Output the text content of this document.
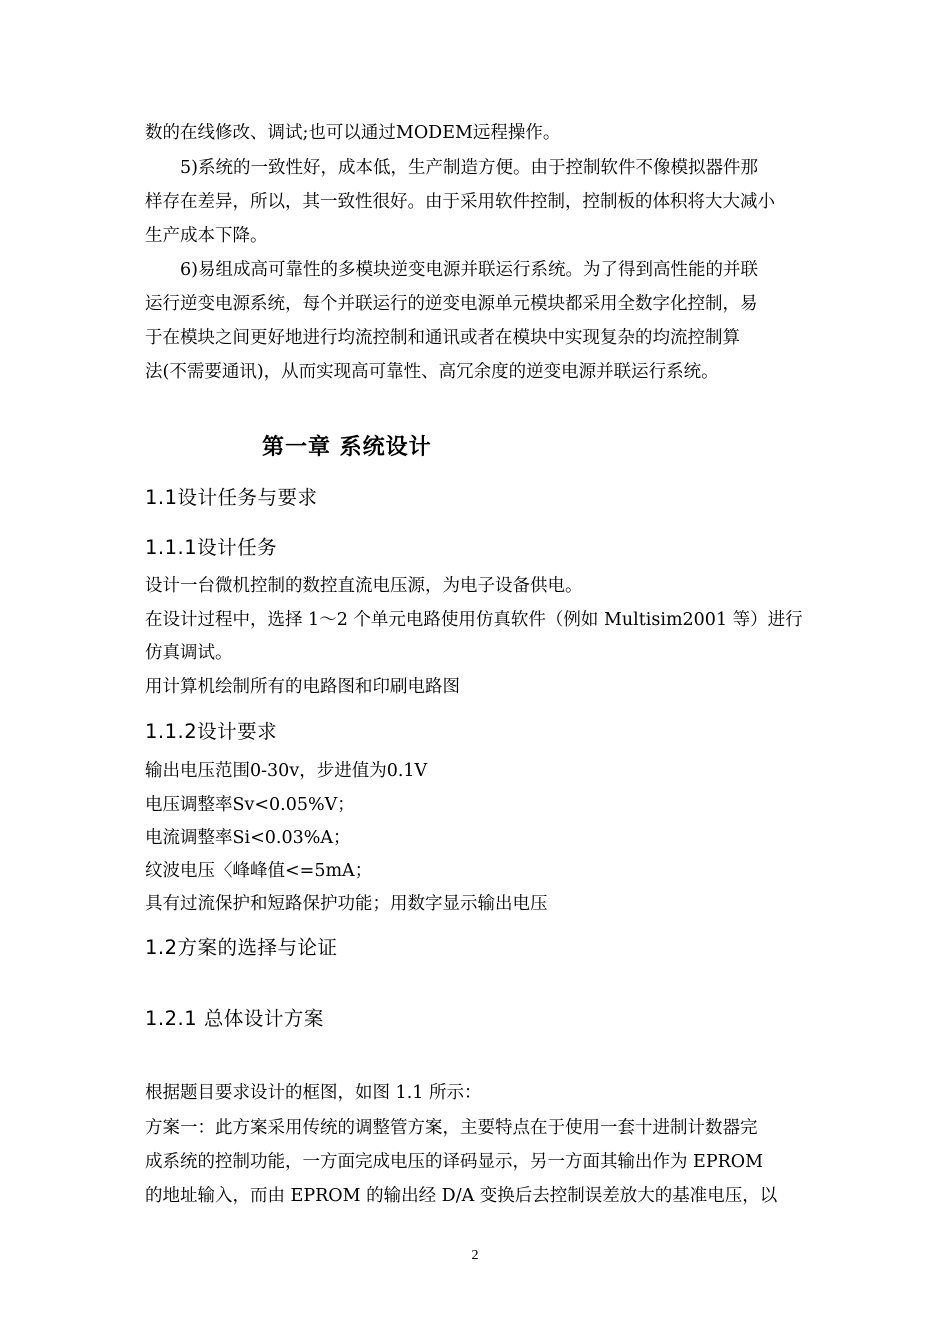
数的在线修改、调试;也可以通过MODEM远程操作。
5)系统的一致性好，成本低，生产制造方便。由于控制软件不像模拟器件那
样存在差异，所以，其一致性很好。由于采用软件控制，控制板的体积将大大减小
生产成本下降。
6)易组成高可靠性的多模块逆变电源并联运行系统。为了得到高性能的并联
运行逆变电源系统，每个并联运行的逆变电源单元模块都采用全数字化控制，易
于在模块之间更好地进行均流控制和通讯或者在模块中实现复杂的均流控制算
法(不需要通讯)，从而实现高可靠性、高冗余度的逆变电源并联运行系统。
第一章 系统设计
1.1设计任务与要求
1.1.1设计任务
设计一台微机控制的数控直流电压源，为电子设备供电。
在设计过程中，选择 1～2 个单元电路使用仿真软件（例如 Multisim2001 等）进行
仿真调试。
用计算机绘制所有的电路图和印刷电路图
1.1.2设计要求
输出电压范围0-30v，步进值为0.1V
电压调整率Sv<0.05%V；
电流调整率Si<0.03%A；
纹波电压〈峰峰值<=5mA；
具有过流保护和短路保护功能；用数字显示输出电压
1.2方案的选择与论证
1.2.1 总体设计方案
根据题目要求设计的框图，如图 1.1 所示：
方案一：此方案采用传统的调整管方案，主要特点在于使用一套十进制计数器完
成系统的控制功能，一方面完成电压的译码显示，另一方面其输出作为 EPROM
的地址输入，而由 EPROM 的输出经 D/A 变换后去控制误差放大的基准电压，以
2
